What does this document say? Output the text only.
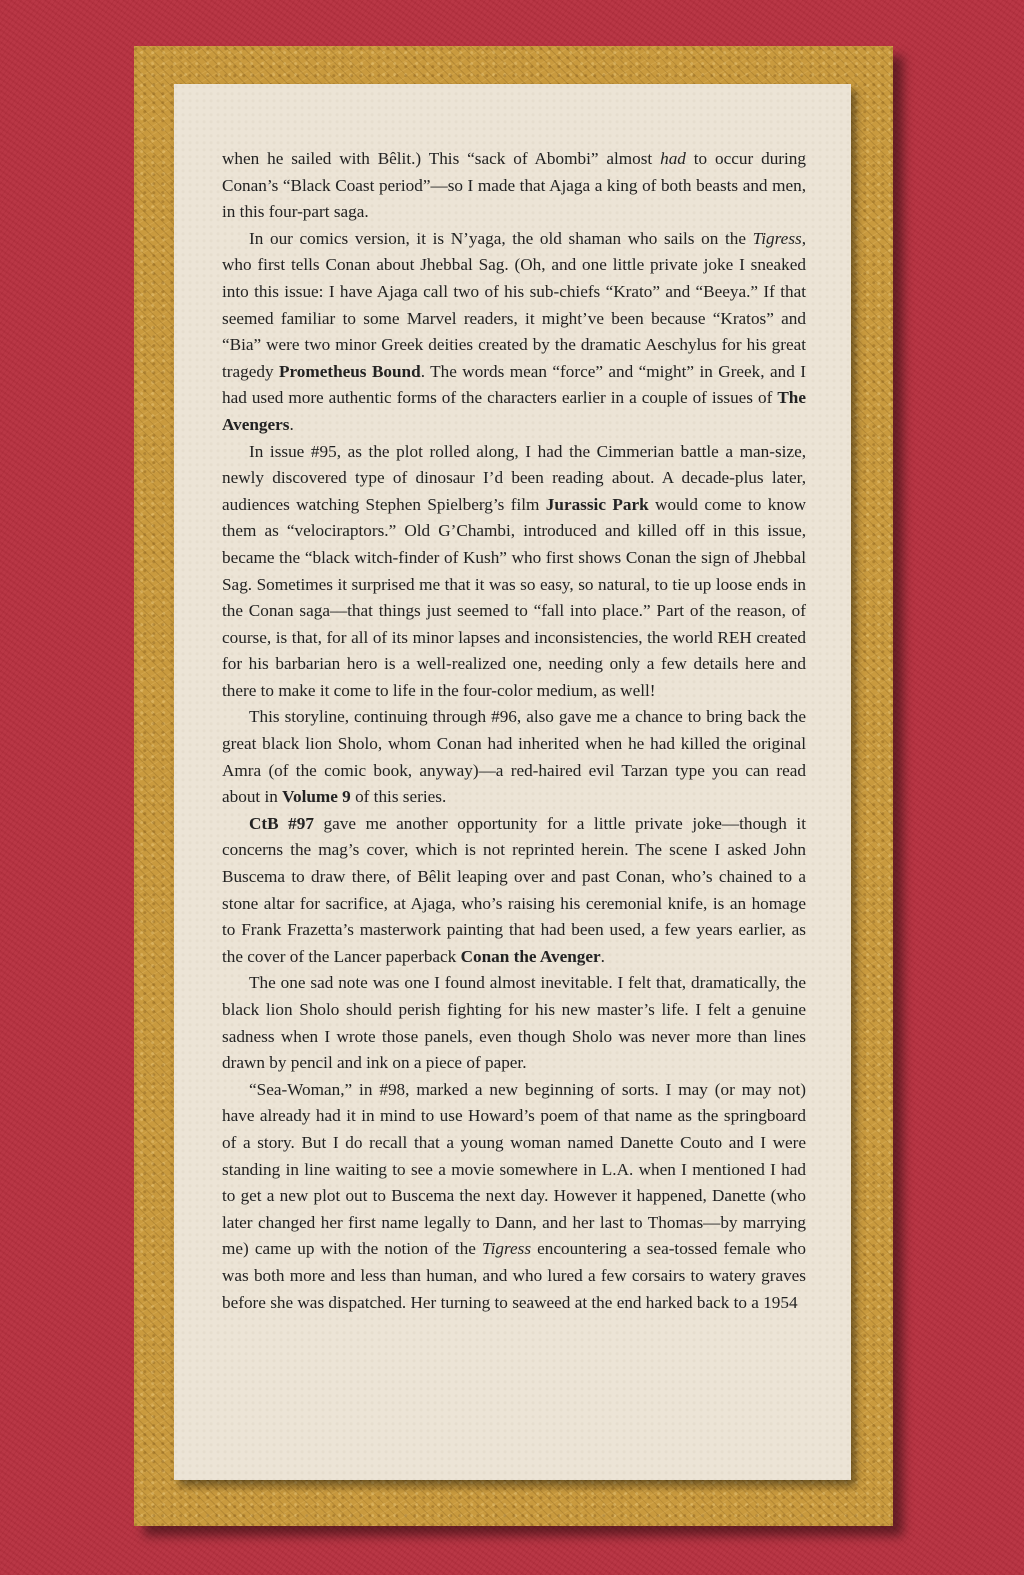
when he sailed with Bêlit.) This “sack of Abombi” almost had to occur during Conan’s “Black Coast period”—so I made that Ajaga a king of both beasts and men, in this four-part saga.

In our comics version, it is N’yaga, the old shaman who sails on the Tigress, who first tells Conan about Jhebbal Sag. (Oh, and one little private joke I sneaked into this issue: I have Ajaga call two of his sub-chiefs “Krato” and “Beeya.” If that seemed familiar to some Marvel readers, it might’ve been because “Kratos” and “Bia” were two minor Greek deities created by the dramatic Aeschylus for his great tragedy Prometheus Bound. The words mean “force” and “might” in Greek, and I had used more authentic forms of the characters earlier in a couple of issues of The Avengers.

In issue #95, as the plot rolled along, I had the Cimmerian battle a man-size, newly discovered type of dinosaur I’d been reading about. A decade-plus later, audiences watching Stephen Spielberg’s film Jurassic Park would come to know them as “velociraptors.” Old G’Chambi, introduced and killed off in this issue, became the “black witch-finder of Kush” who first shows Conan the sign of Jhebbal Sag. Sometimes it surprised me that it was so easy, so natural, to tie up loose ends in the Conan saga—that things just seemed to “fall into place.” Part of the reason, of course, is that, for all of its minor lapses and inconsistencies, the world REH created for his barbarian hero is a well-realized one, needing only a few details here and there to make it come to life in the four-color medium, as well!

This storyline, continuing through #96, also gave me a chance to bring back the great black lion Sholo, whom Conan had inherited when he had killed the original Amra (of the comic book, anyway)—a red-haired evil Tarzan type you can read about in Volume 9 of this series.

CtB #97 gave me another opportunity for a little private joke—though it concerns the mag’s cover, which is not reprinted herein. The scene I asked John Buscema to draw there, of Bêlit leaping over and past Conan, who’s chained to a stone altar for sacrifice, at Ajaga, who’s raising his ceremonial knife, is an homage to Frank Frazetta’s masterwork painting that had been used, a few years earlier, as the cover of the Lancer paperback Conan the Avenger.

The one sad note was one I found almost inevitable. I felt that, dramatically, the black lion Sholo should perish fighting for his new master’s life. I felt a genuine sadness when I wrote those panels, even though Sholo was never more than lines drawn by pencil and ink on a piece of paper.

“Sea-Woman,” in #98, marked a new beginning of sorts. I may (or may not) have already had it in mind to use Howard’s poem of that name as the springboard of a story. But I do recall that a young woman named Danette Couto and I were standing in line waiting to see a movie somewhere in L.A. when I mentioned I had to get a new plot out to Buscema the next day. However it happened, Danette (who later changed her first name legally to Dann, and her last to Thomas—by marrying me) came up with the notion of the Tigress encountering a sea-tossed female who was both more and less than human, and who lured a few corsairs to watery graves before she was dispatched. Her turning to seaweed at the end harked back to a 1954
